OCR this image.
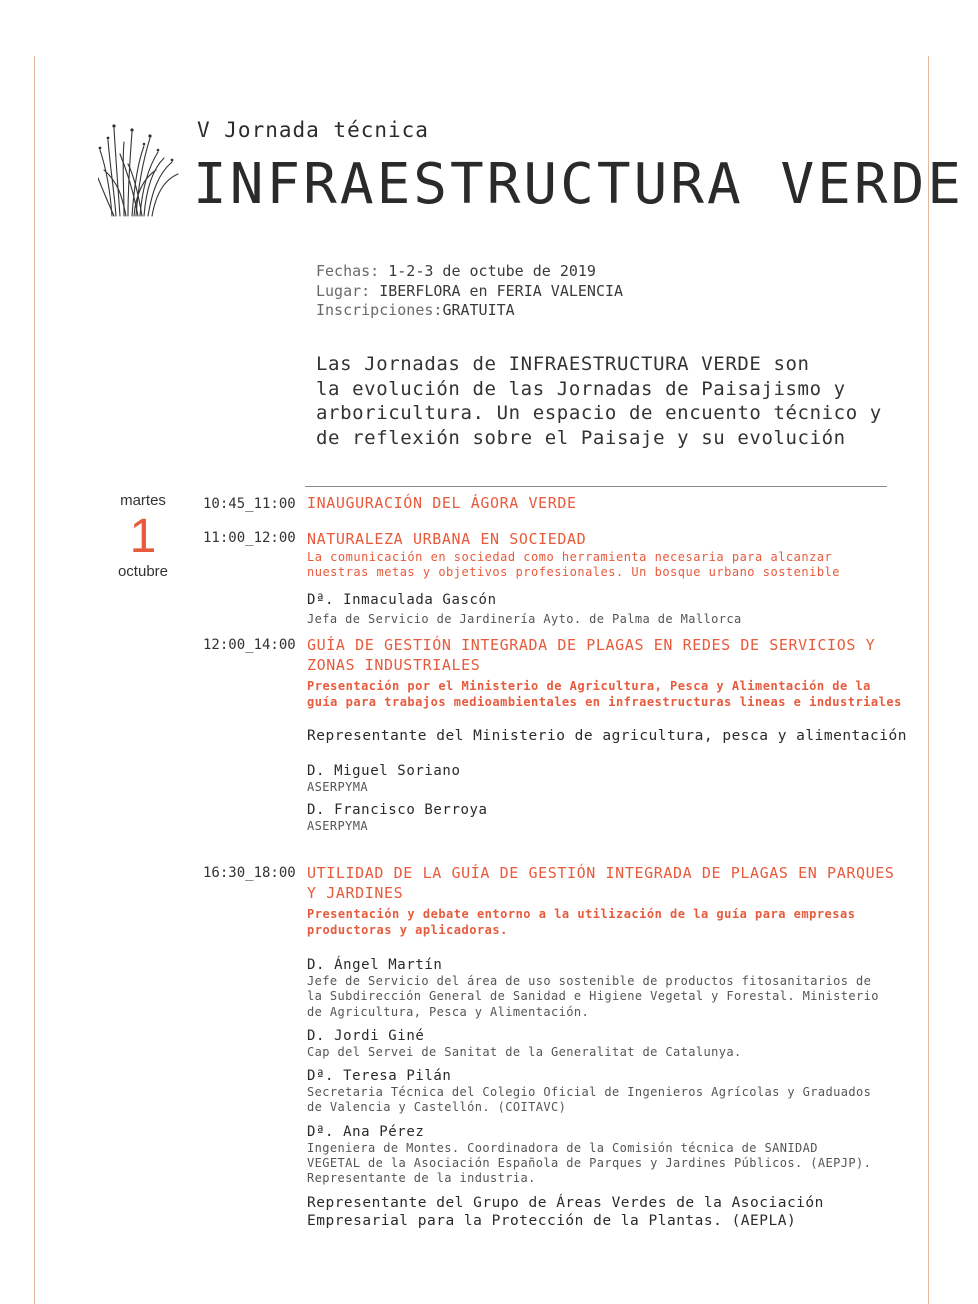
V Jornada técnica
INFRAESTRUCTURA VERDE
Fechas: 1-2-3 de octube de 2019
Lugar: IBERFLORA en FERIA VALENCIA
Inscripciones:GRATUITA
Las Jornadas de INFRAESTRUCTURA VERDE son
la evolución de las Jornadas de Paisajismo y
arboricultura. Un espacio de encuento técnico y
de reflexión sobre el Paisaje y su evolución
martes
1
octubre
10:45_11:00 INAUGURACIÓN DEL ÁGORA VERDE
11:00_12:00 NATURALEZA URBANA EN SOCIEDAD
La comunicación en sociedad como herramienta necesaria para alcanzar
nuestras metas y objetivos profesionales. Un bosque urbano sostenible
Dª. Inmaculada Gascón
Jefa de Servicio de Jardinería Ayto. de Palma de Mallorca
12:00_14:00 GUÍA DE GESTIÓN INTEGRADA DE PLAGAS EN REDES DE SERVICIOS Y
ZONAS INDUSTRIALES
Presentación por el Ministerio de Agricultura, Pesca y Alimentación de la
guía para trabajos medioambientales en infraestructuras lineas e industriales
Representante del Ministerio de agricultura, pesca y alimentación
D. Miguel Soriano
ASERPYMA
D. Francisco Berroya
ASERPYMA
16:30_18:00 UTILIDAD DE LA GUÍA DE GESTIÓN INTEGRADA DE PLAGAS EN PARQUES
Y JARDINES
Presentación y debate entorno a la utilización de la guía para empresas
productoras y aplicadoras.
D. Ángel Martín
Jefe de Servicio del área de uso sostenible de productos fitosanitarios de
la Subdirección General de Sanidad e Higiene Vegetal y Forestal. Ministerio
de Agricultura, Pesca y Alimentación.
D. Jordi Giné
Cap del Servei de Sanitat de la Generalitat de Catalunya.
Dª. Teresa Pilán
Secretaria Técnica del Colegio Oficial de Ingenieros Agrícolas y Graduados
de Valencia y Castellón. (COITAVC)
Dª. Ana Pérez
Ingeniera de Montes. Coordinadora de la Comisión técnica de SANIDAD
VEGETAL de la Asociación Española de Parques y Jardines Públicos. (AEPJP).
Representante de la industria.
Representante del Grupo de Áreas Verdes de la Asociación
Empresarial para la Protección de la Plantas. (AEPLA)
